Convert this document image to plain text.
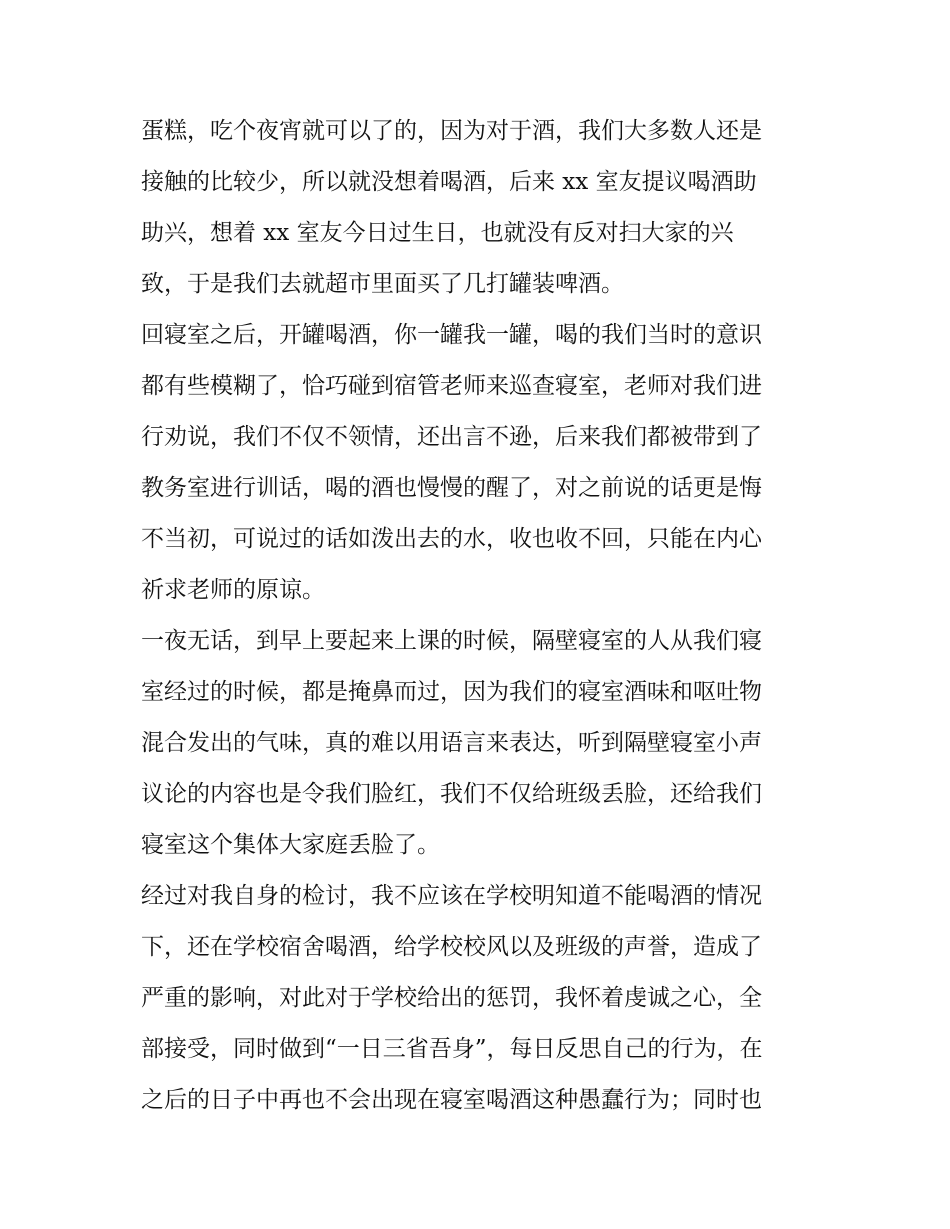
蛋糕，吃个夜宵就可以了的，因为对于酒，我们大多数人还是
接触的比较少，所以就没想着喝酒，后来 xx 室友提议喝酒助
助兴，想着 xx 室友今日过生日，也就没有反对扫大家的兴
致，于是我们去就超市里面买了几打罐装啤酒。
回寝室之后，开罐喝酒，你一罐我一罐，喝的我们当时的意识
都有些模糊了，恰巧碰到宿管老师来巡查寝室，老师对我们进
行劝说，我们不仅不领情，还出言不逊，后来我们都被带到了
教务室进行训话，喝的酒也慢慢的醒了，对之前说的话更是悔
不当初，可说过的话如泼出去的水，收也收不回，只能在内心
祈求老师的原谅。
一夜无话，到早上要起来上课的时候，隔壁寝室的人从我们寝
室经过的时候，都是掩鼻而过，因为我们的寝室酒味和呕吐物
混合发出的气味，真的难以用语言来表达，听到隔壁寝室小声
议论的内容也是令我们脸红，我们不仅给班级丢脸，还给我们
寝室这个集体大家庭丢脸了。
经过对我自身的检讨，我不应该在学校明知道不能喝酒的情况
下，还在学校宿舍喝酒，给学校校风以及班级的声誉，造成了
严重的影响，对此对于学校给出的惩罚，我怀着虔诚之心，全
部接受，同时做到“一日三省吾身”，每日反思自己的行为，在
之后的日子中再也不会出现在寝室喝酒这种愚蠢行为；同时也
